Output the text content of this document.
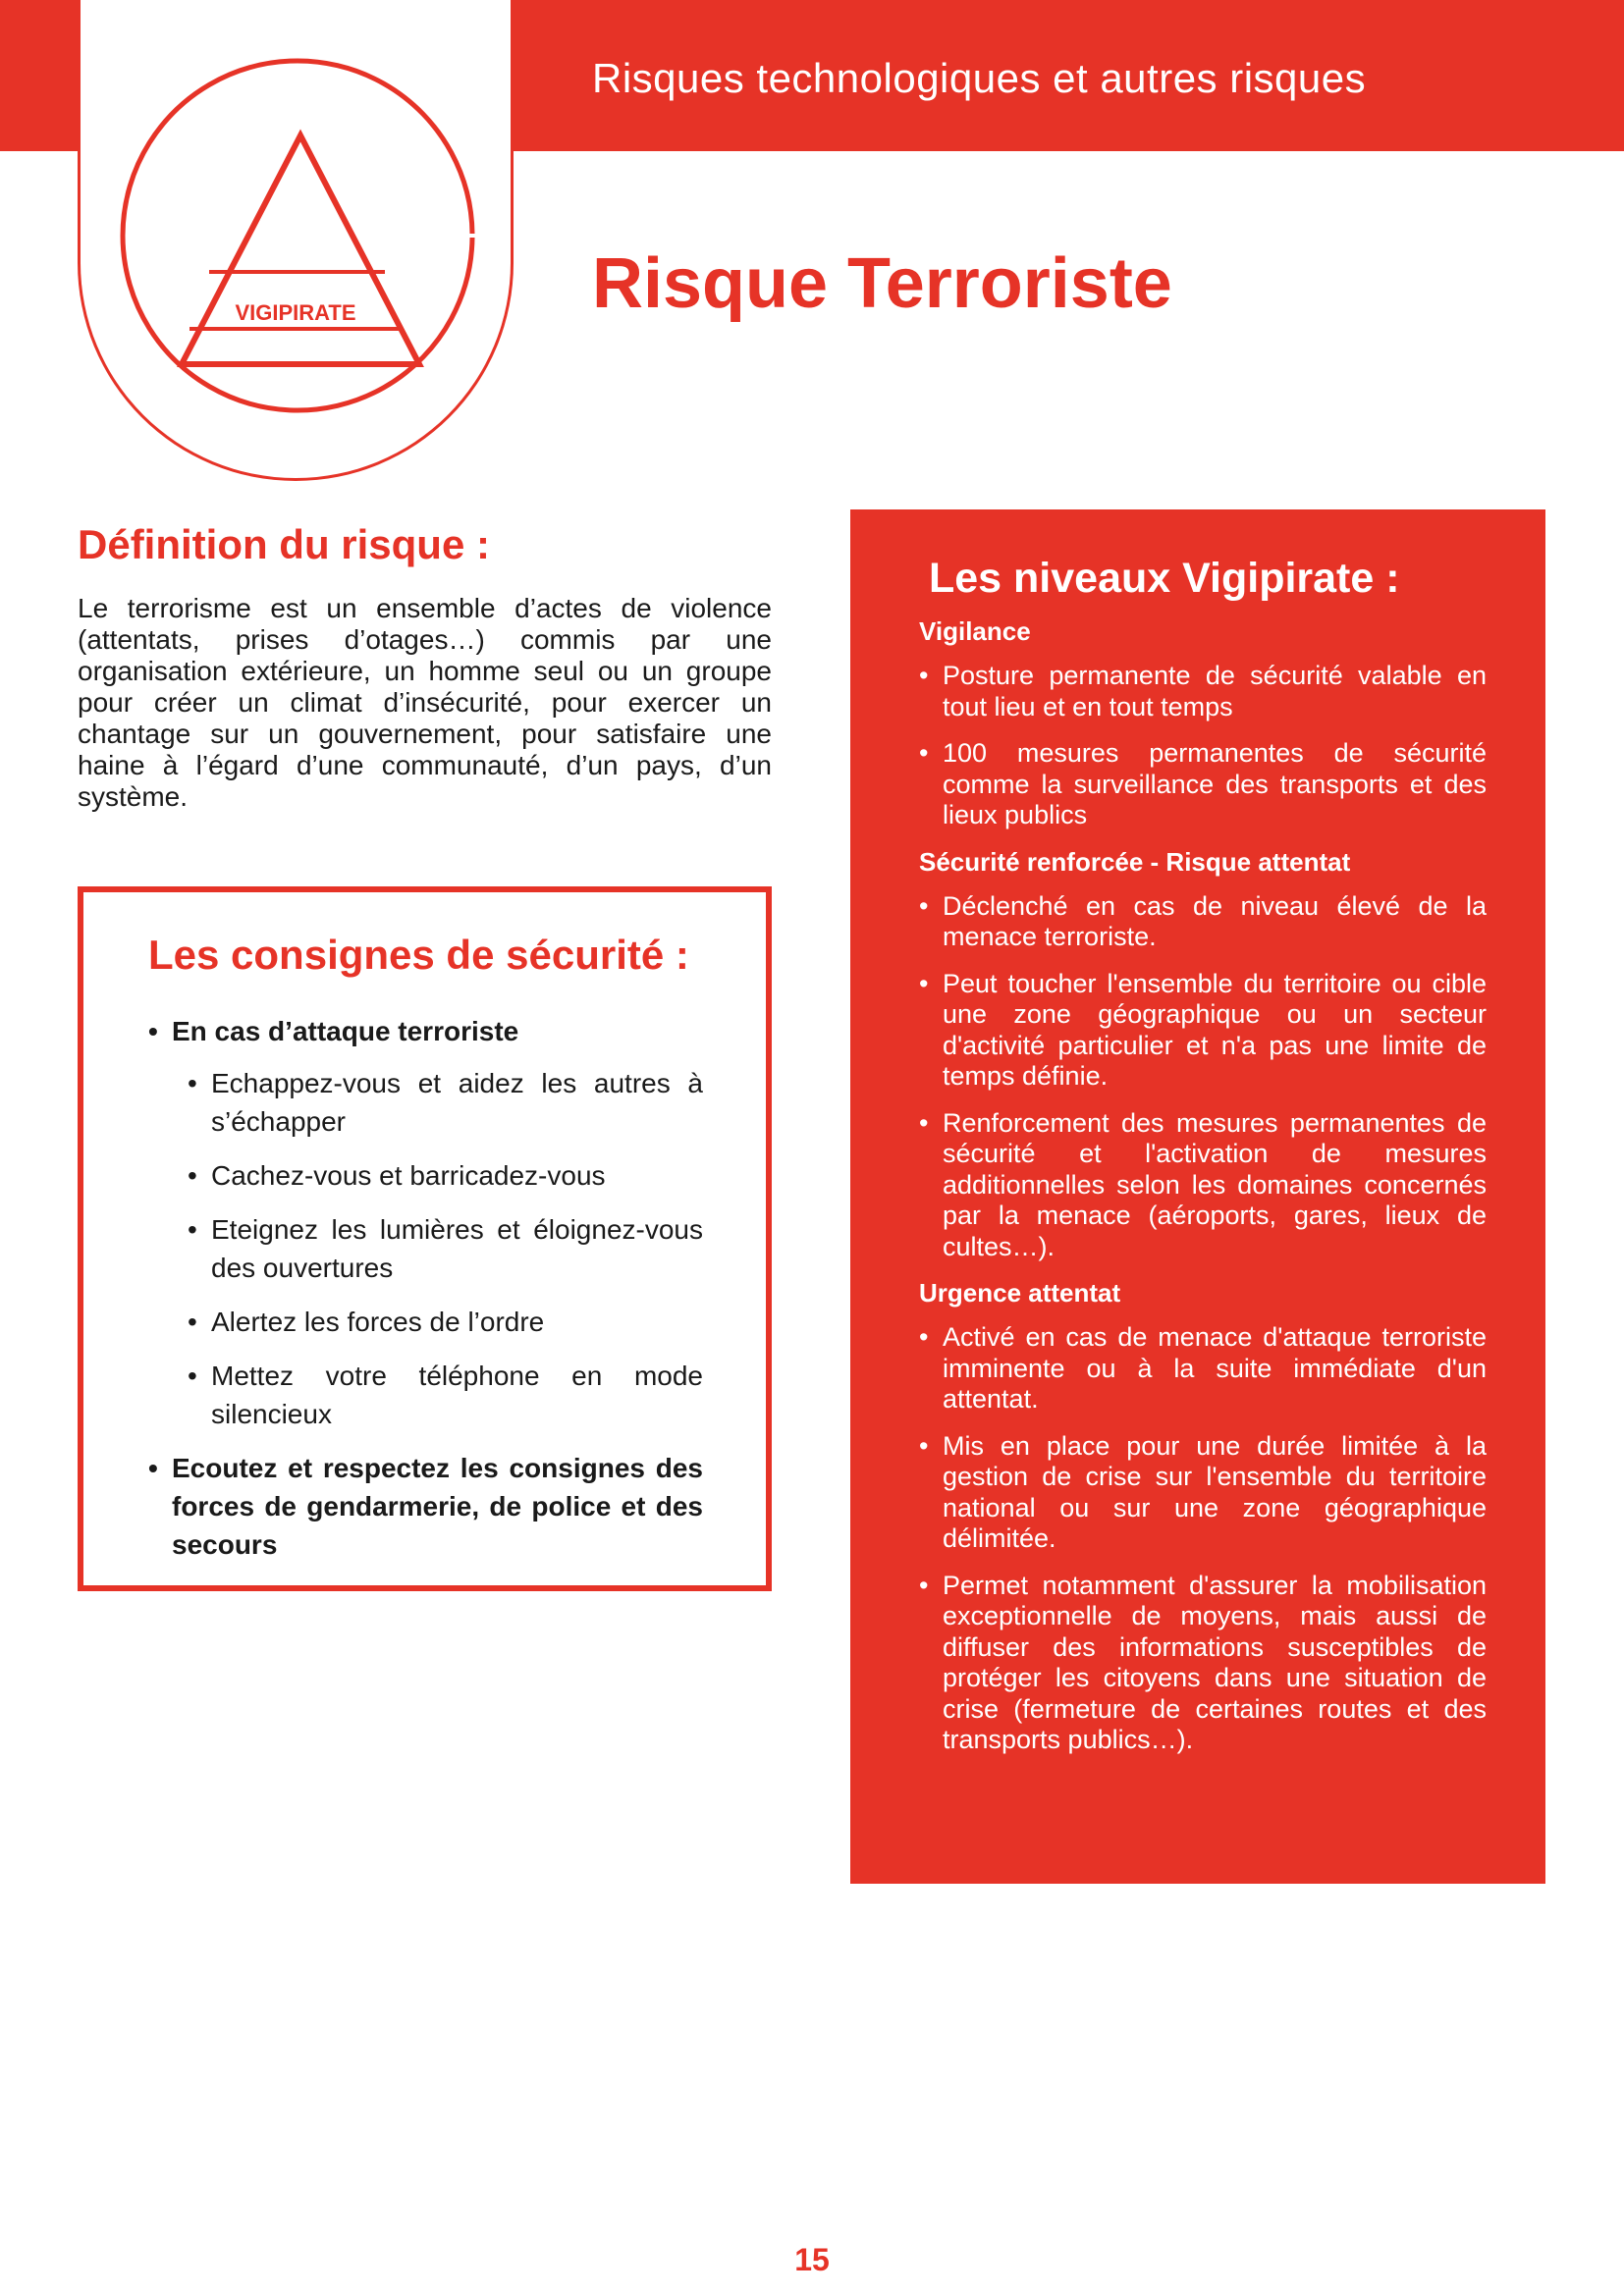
Risques technologiques et autres risques
VIGIPIRATE	Risque Terroriste
Définition du risque :

Le terrorisme est un ensemble d’actes de violence (attentats, prises d’otages…) commis par une organisation extérieure, un homme seul ou un groupe pour créer un climat d’insécurité, pour exercer un chantage sur un gouvernement, pour satisfaire une haine à l’égard d’une communauté, d’un pays, d’un système.

Les consignes de sécurité :
• En cas d’attaque terroriste
• Echappez-vous et aidez les autres à s’échapper
• Cachez-vous et barricadez-vous
• Eteignez les lumières et éloignez-vous des ouvertures
• Alertez les forces de l’ordre
• Mettez votre téléphone en mode silencieux
• Ecoutez et respectez les consignes des forces de gendarmerie, de police et des secours
Les niveaux Vigipirate :
Vigilance
• Posture permanente de sécurité valable en tout lieu et en tout temps
• 100 mesures permanentes de sécurité comme la surveillance des transports et des lieux publics
Sécurité renforcée - Risque attentat
• Déclenché en cas de niveau élevé de la menace terroriste.
• Peut toucher l'ensemble du territoire ou cible une zone géographique ou un secteur d'activité particulier et n'a pas une limite de temps définie.
• Renforcement des mesures permanentes de sécurité et l'activation de mesures additionnelles selon les domaines concernés par la menace (aéroports, gares, lieux de cultes…).
Urgence attentat
• Activé en cas de menace d'attaque terroriste imminente ou à la suite immédiate d'un attentat.
• Mis en place pour une durée limitée à la gestion de crise sur l'ensemble du territoire national ou sur une zone géographique délimitée.
• Permet notamment d'assurer la mobilisation exceptionnelle de moyens, mais aussi de diffuser des informations susceptibles de protéger les citoyens dans une situation de crise (fermeture de certaines routes et des transports publics…).
15
